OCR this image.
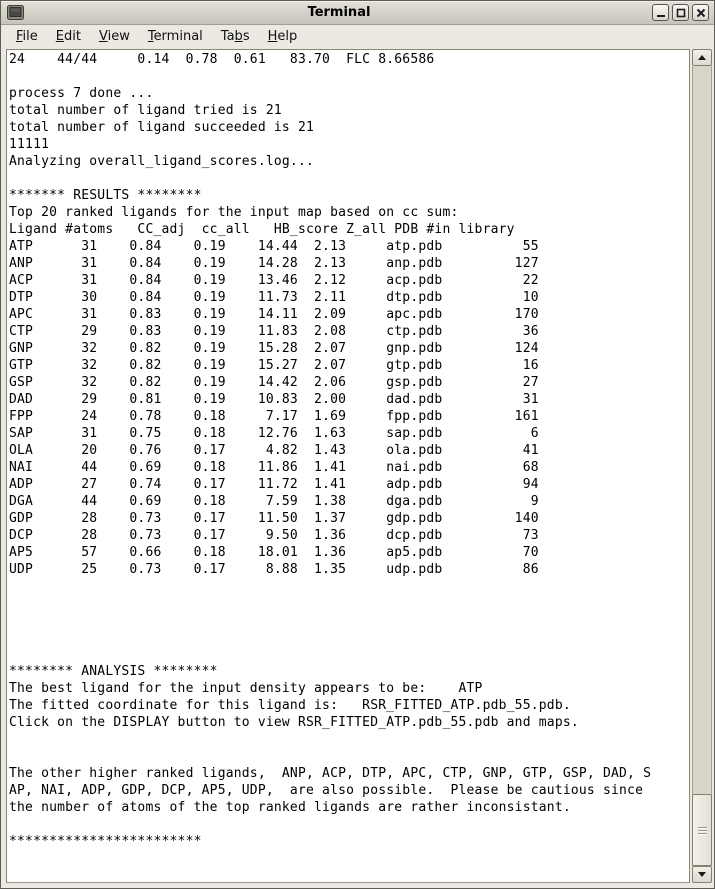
Terminal
File	Edit	View	Terminal	Tabs	Help
24    44/44     0.14  0.78  0.61   83.70  FLC 8.66586
process 7 done ...
total number of ligand tried is 21
total number of ligand succeeded is 21
11111
Analyzing overall_ligand_scores.log...
******* RESULTS ********
Top 20 ranked ligands for the input map based on cc sum:
Ligand #atoms   CC_adj  cc_all   HB_score Z_all PDB #in library
ATP      31    0.84    0.19    14.44  2.13     atp.pdb          55
ANP      31    0.84    0.19    14.28  2.13     anp.pdb         127
ACP      31    0.84    0.19    13.46  2.12     acp.pdb          22
DTP      30    0.84    0.19    11.73  2.11     dtp.pdb          10
APC      31    0.83    0.19    14.11  2.09     apc.pdb         170
CTP      29    0.83    0.19    11.83  2.08     ctp.pdb          36
GNP      32    0.82    0.19    15.28  2.07     gnp.pdb         124
GTP      32    0.82    0.19    15.27  2.07     gtp.pdb          16
GSP      32    0.82    0.19    14.42  2.06     gsp.pdb          27
DAD      29    0.81    0.19    10.83  2.00     dad.pdb          31
FPP      24    0.78    0.18     7.17  1.69     fpp.pdb         161
SAP      31    0.75    0.18    12.76  1.63     sap.pdb           6
OLA      20    0.76    0.17     4.82  1.43     ola.pdb          41
NAI      44    0.69    0.18    11.86  1.41     nai.pdb          68
ADP      27    0.74    0.17    11.72  1.41     adp.pdb          94
DGA      44    0.69    0.18     7.59  1.38     dga.pdb           9
GDP      28    0.73    0.17    11.50  1.37     gdp.pdb         140
DCP      28    0.73    0.17     9.50  1.36     dcp.pdb          73
AP5      57    0.66    0.18    18.01  1.36     ap5.pdb          70
UDP      25    0.73    0.17     8.88  1.35     udp.pdb          86
******** ANALYSIS ********
The best ligand for the input density appears to be:    ATP
The fitted coordinate for this ligand is:   RSR_FITTED_ATP.pdb_55.pdb.
Click on the DISPLAY button to view RSR_FITTED_ATP.pdb_55.pdb and maps.
The other higher ranked ligands,  ANP, ACP, DTP, APC, CTP, GNP, GTP, GSP, DAD, S
AP, NAI, ADP, GDP, DCP, AP5, UDP,  are also possible.  Please be cautious since
the number of atoms of the top ranked ligands are rather inconsistant.
************************
